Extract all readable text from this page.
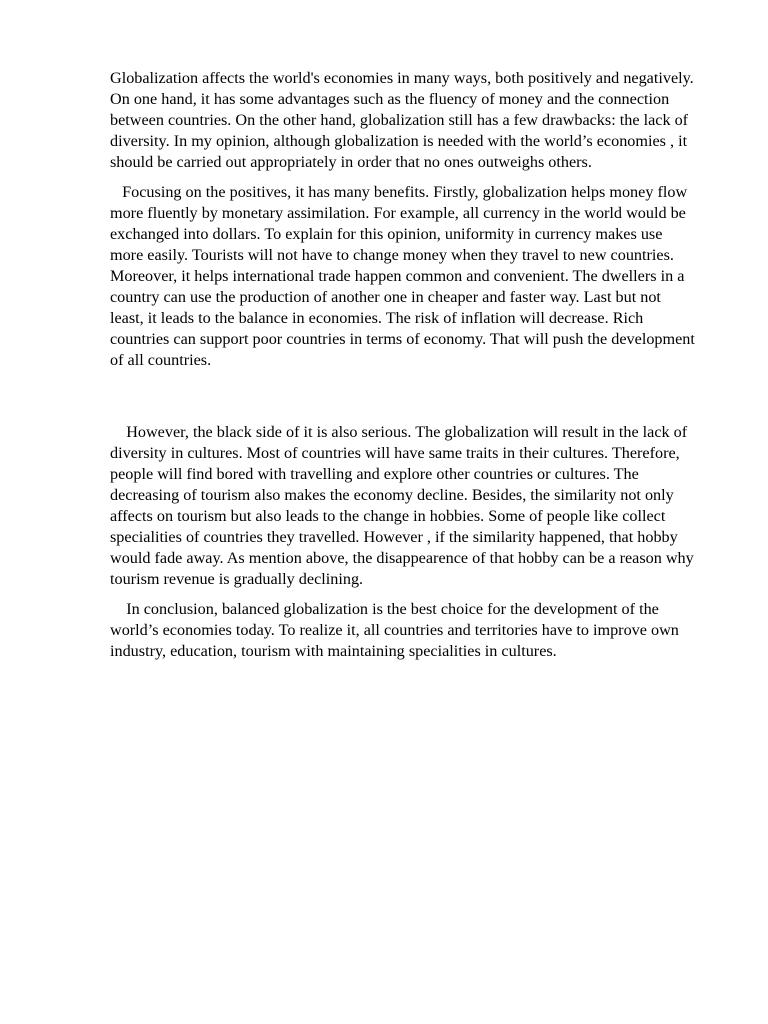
Globalization affects the world's economies in many ways, both positively and negatively. On one hand, it has some advantages such as the fluency of money and the connection between countries. On the other hand, globalization still has a few drawbacks: the lack of diversity. In my opinion, although globalization is needed with the world’s economies , it should be carried out appropriately in order that no ones outweighs others.

Focusing on the positives, it has many benefits. Firstly, globalization helps money flow more fluently by monetary assimilation. For example, all currency in the world would be exchanged into dollars. To explain for this opinion, uniformity in currency makes use more easily. Tourists will not have to change money when they travel to new countries. Moreover, it helps international trade happen common and convenient. The dwellers in a country can use the production of another one in cheaper and faster way. Last but not least, it leads to the balance in economies. The risk of inflation will decrease. Rich countries can support poor countries in terms of economy. That will push the development of all countries.

However, the black side of it is also serious. The globalization will result in the lack of diversity in cultures. Most of countries will have same traits in their cultures. Therefore, people will find bored with travelling and explore other countries or cultures. The decreasing of tourism also makes the economy decline. Besides, the similarity not only affects on tourism but also leads to the change in hobbies. Some of people like collect specialities of countries they travelled. However , if the similarity happened, that hobby would fade away. As mention above, the disappearence of that hobby can be a reason why tourism revenue is gradually declining.

In conclusion, balanced globalization is the best choice for the development of the world’s economies today. To realize it, all countries and territories have to improve own industry, education, tourism with maintaining specialities in cultures.
